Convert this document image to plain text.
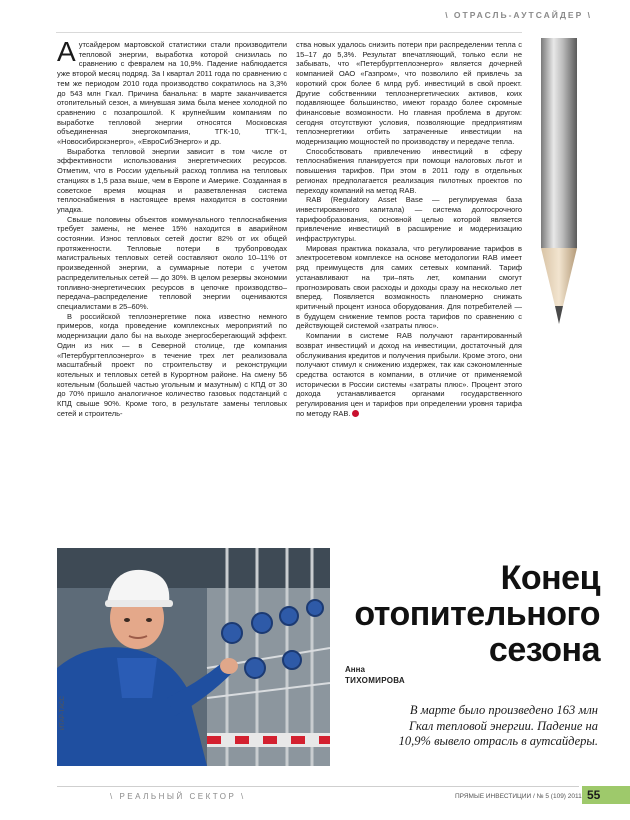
\ ОТРАСЛЬ-АУТСАЙДЕР \

Аутсайдером мартовской статистики стали производители тепловой энергии, выработка которой снизилась по сравнению с февралем на 10,9%. Падение наблюдается уже второй месяц подряд. За I квартал 2011 года по сравнению с тем же периодом 2010 года производство сократилось на 3,3% до 543 млн Гкал. Причина банальна: в марте заканчивается отопительный сезон, а минувшая зима была менее холодной по сравнению с позапрошлой. К крупнейшим компаниям по выработке тепловой энергии относятся Московская объединенная энергокомпания, ТГК-10, ТГК-1, «Новосибирскэнерго», «ЕвроСибЭнерго» и др.

Выработка тепловой энергии зависит в том числе от эффективности использования энергетических ресурсов. Отметим, что в России удельный расход топлива на тепловых станциях в 1,5 раза выше, чем в Европе и Америке. Созданная в советское время мощная и разветвленная система теплоснабжения в настоящее время находится в состоянии упадка.

Свыше половины объектов коммунального теплоснабжения требует замены, не менее 15% находится в аварийном состоянии. Износ тепловых сетей достиг 82% от их общей протяженности. Тепловые потери в трубопроводах магистральных тепловых сетей составляют около 10–11% от произведенной энергии, а суммарные потери с учетом распределительных сетей — до 30%. В целом резервы экономии топливно-энергетических ресурсов в цепочке производство–передача–распределение тепловой энергии оцениваются специалистами в 25–60%.

В российской теплоэнергетике пока известно немного примеров, когда проведение комплексных мероприятий по модернизации дало бы на выходе энергосберегающий эффект. Один из них — в Северной столице, где компания «Петербургтеплоэнерго» в течение трех лет реализовала масштабный проект по строительству и реконструкции котельных и тепловых сетей в Курортном районе. На смену 56 котельным (большей частью угольным и мазутным) с КПД от 30 до 70% пришло аналогичное количество газовых подстанций с КПД свыше 90%. Кроме того, в результате замены тепловых сетей и строитель-

ства новых удалось снизить потери при распределении тепла с 15–17 до 5,3%. Результат впечатляющий, только если не забывать, что «Петербургтеплоэнерго» является дочерней компанией ОАО «Газпром», что позволило ей привлечь за короткий срок более 6 млрд руб. инвестиций в свой проект. Другие собственники теплоэнергетических активов, коих подавляющее большинство, имеют гораздо более скромные финансовые возможности. Но главная проблема в другом: сегодня отсутствуют условия, позволяющие предприятиям теплоэнергетики отбить затраченные инвестиции на модернизацию мощностей по производству и передаче тепла.

Способствовать привлечению инвестиций в сферу теплоснабжения планируется при помощи налоговых льгот и повышения тарифов. При этом в 2011 году в отдельных регионах предполагается реализация пилотных проектов по переходу компаний на метод RAB.

RAB (Regulatory Asset Base — регулируемая база инвестированного капитала) — система долгосрочного тарифообразования, основной целью которой является привлечение инвестиций в расширение и модернизацию инфраструктуры.

Мировая практика показала, что регулирование тарифов в электросетевом комплексе на основе методологии RAB имеет ряд преимуществ для самих сетевых компаний. Тариф устанавливают на три–пять лет, компании смогут прогнозировать свои расходы и доходы сразу на несколько лет вперед. Появляется возможность планомерно снижать критичный процент износа оборудования. Для потребителей — в будущем снижение темпов роста тарифов по сравнению с действующей системой «затраты плюс».

Компании в системе RAB получают гарантированный возврат инвестиций и доход на инвестиции, достаточный для обслуживания кредитов и получения прибыли. Кроме этого, они получают стимул к снижению издержек, так как сэкономленные средства остаются в компании, в отличие от применяемой исторически в России системы «затраты плюс». Процент этого дохода устанавливается органами государственного регулирования цен и тарифов при определении уровня тарифа по методу RAB.

ИТАР-ТАСС
Конец
отопительного
сезона
Анна
ТИХОМИРОВА
В марте было произведено 163 млн Гкал тепловой энергии. Падение на 10,9% вывело отрасль в аутсайдеры.
\ РЕАЛЬНЫЙ СЕКТОР \	ПРЯМЫЕ ИНВЕСТИЦИИ / № 5 (109) 2011 55
